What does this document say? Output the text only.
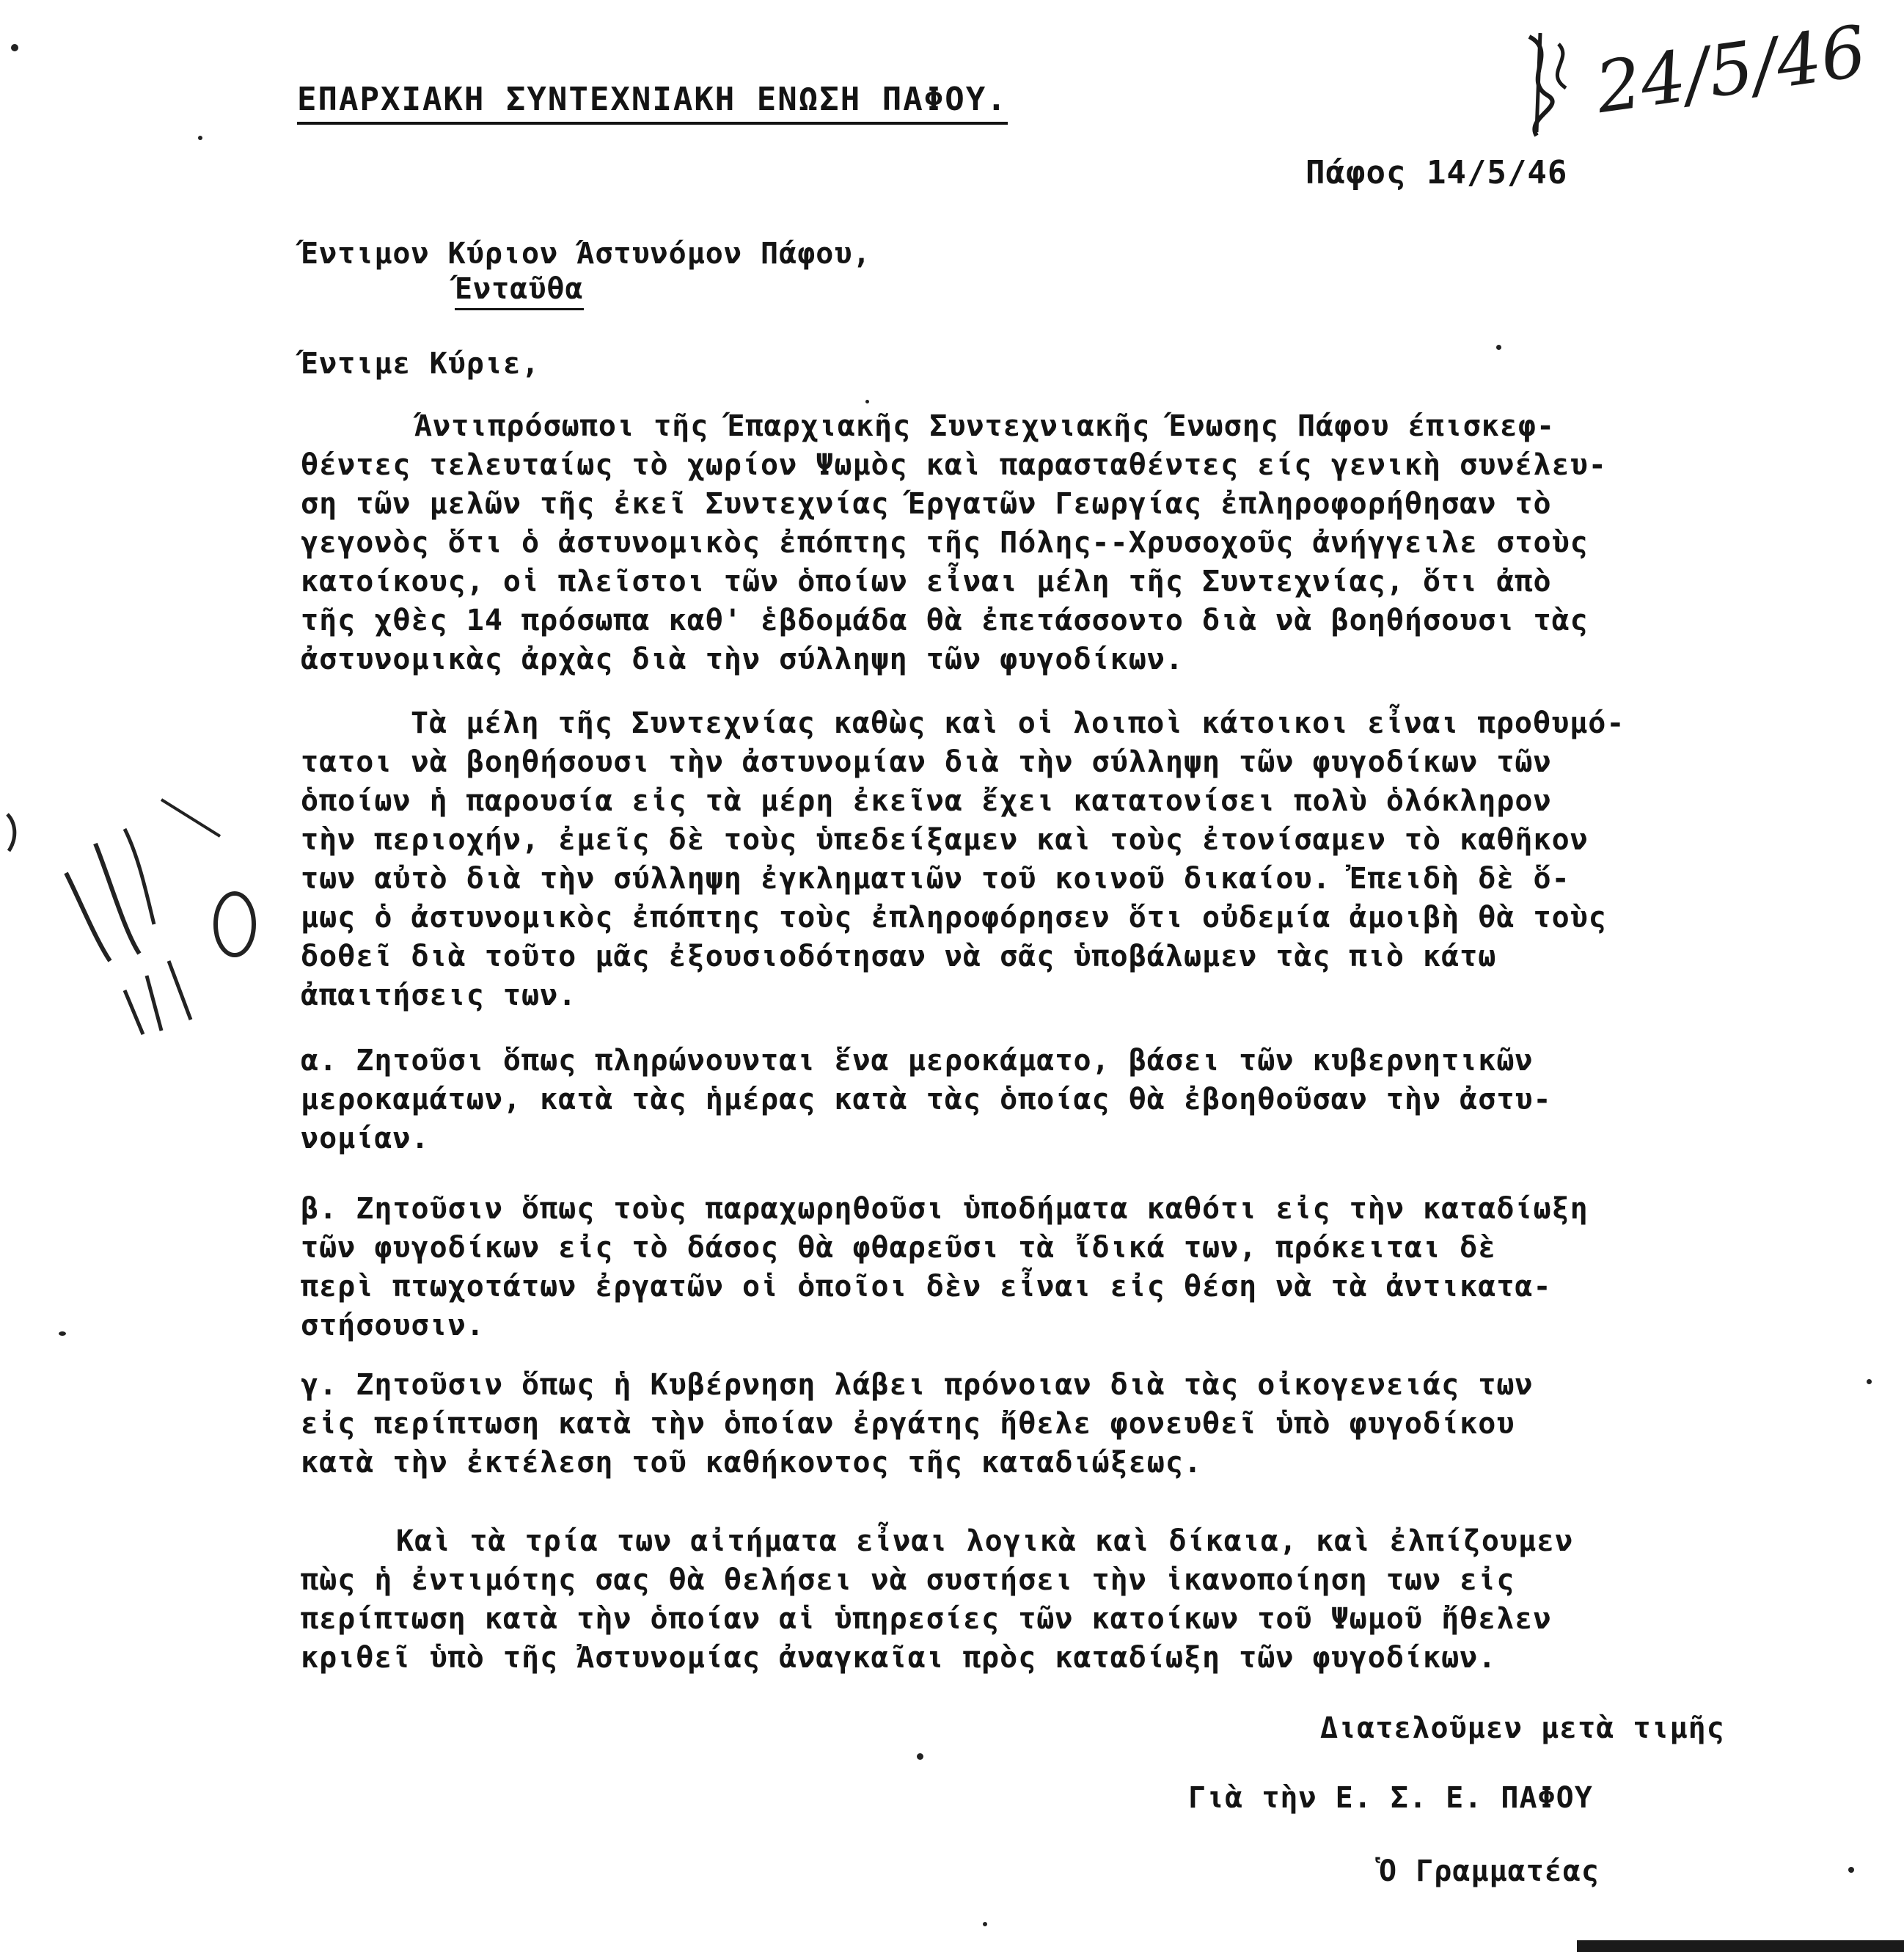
ΕΠΑΡΧΙΑΚΗ ΣΥΝΤΕΧΝΙΑΚΗ ΕΝΩΣΗ ΠΑΦΟΥ.	24/5/46
Πάφος 14/5/46
Έντιμον Κύριον Άστυνόμον Πάφου,
Ένταῦθα
Έντιμε Κύριε,
Άντιπρόσωποι τῆς Έπαρχιακῆς Συντεχνιακῆς Ένωσης Πάφου έπισκεφ-
θέντες τελευταίως τὸ χωρίον Ψωμὸς καὶ παρασταθέντες είς γενικὴ συνέλευ-
ση τῶν μελῶν τῆς ἐκεῖ Συντεχνίας Έργατῶν Γεωργίας ἐπληροφορήθησαν τὸ
γεγονὸς ὅτι ὁ ἀστυνομικὸς ἐπόπτης τῆς Πόλης--Χρυσοχοῦς ἀνήγγειλε στοὺς
κατοίκους, οἱ πλεῖστοι τῶν ὁποίων εἶναι μέλη τῆς Συντεχνίας, ὅτι ἀπὸ
τῆς χθὲς 14 πρόσωπα καθ' ἑβδομάδα θὰ ἐπετάσσοντο διὰ νὰ βοηθήσουσι τὰς
ἀστυνομικὰς ἀρχὰς διὰ τὴν σύλληψη τῶν φυγοδίκων.
Τὰ μέλη τῆς Συντεχνίας καθὼς καὶ οἱ λοιποὶ κάτοικοι εἶναι προθυμό-
τατοι νὰ βοηθήσουσι τὴν ἀστυνομίαν διὰ τὴν σύλληψη τῶν φυγοδίκων τῶν
ὁποίων ἡ παρουσία εἰς τὰ μέρη ἐκεῖνα ἔχει κατατονίσει πολὺ ὁλόκληρον
τὴν περιοχήν, ἐμεῖς δὲ τοὺς ὑπεδείξαμεν καὶ τοὺς ἐτονίσαμεν τὸ καθῆκον
των αὐτὸ διὰ τὴν σύλληψη ἐγκληματιῶν τοῦ κοινοῦ δικαίου. Ἐπειδὴ δὲ ὅ-
μως ὁ ἀστυνομικὸς ἐπόπτης τοὺς ἐπληροφόρησεν ὅτι οὐδεμία ἀμοιβὴ θὰ τοὺς
δοθεῖ διὰ τοῦτο μᾶς ἐξουσιοδότησαν νὰ σᾶς ὑποβάλωμεν τὰς πιὸ κάτω
ἀπαιτήσεις των.
α. Ζητοῦσι ὅπως πληρώνουνται ἕνα μεροκάματο, βάσει τῶν κυβερνητικῶν
μεροκαμάτων, κατὰ τὰς ἡμέρας κατὰ τὰς ὁποίας θὰ ἐβοηθοῦσαν τὴν ἀστυ-
νομίαν.
β. Ζητοῦσιν ὅπως τοὺς παραχωρηθοῦσι ὑποδήματα καθότι εἰς τὴν καταδίωξη
τῶν φυγοδίκων εἰς τὸ δάσος θὰ φθαρεῦσι τὰ ἴδικά των, πρόκειται δὲ
περὶ πτωχοτάτων ἐργατῶν οἱ ὁποῖοι δὲν εἶναι εἰς θέση νὰ τὰ ἀντικατα-
στήσουσιν.
γ. Ζητοῦσιν ὅπως ἡ Κυβέρνηση λάβει πρόνοιαν διὰ τὰς οἰκογενειάς των
εἰς περίπτωση κατὰ τὴν ὁποίαν ἐργάτης ἤθελε φονευθεῖ ὑπὸ φυγοδίκου
κατὰ τὴν ἐκτέλεση τοῦ καθήκοντος τῆς καταδιώξεως.
Καὶ τὰ τρία των αἰτήματα εἶναι λογικὰ καὶ δίκαια, καὶ ἐλπίζουμεν
πὼς ἡ ἐντιμότης σας θὰ θελήσει νὰ συστήσει τὴν ἱκανοποίηση των εἰς
περίπτωση κατὰ τὴν ὁποίαν αἱ ὑπηρεσίες τῶν κατοίκων τοῦ Ψωμοῦ ἤθελεν
κριθεῖ ὑπὸ τῆς Ἀστυνομίας ἀναγκαῖαι πρὸς καταδίωξη τῶν φυγοδίκων.
Διατελοῦμεν μετὰ τιμῆς
Γιὰ τὴν Ε. Σ. Ε. ΠΑΦΟΥ
Ὁ Γραμματέας
